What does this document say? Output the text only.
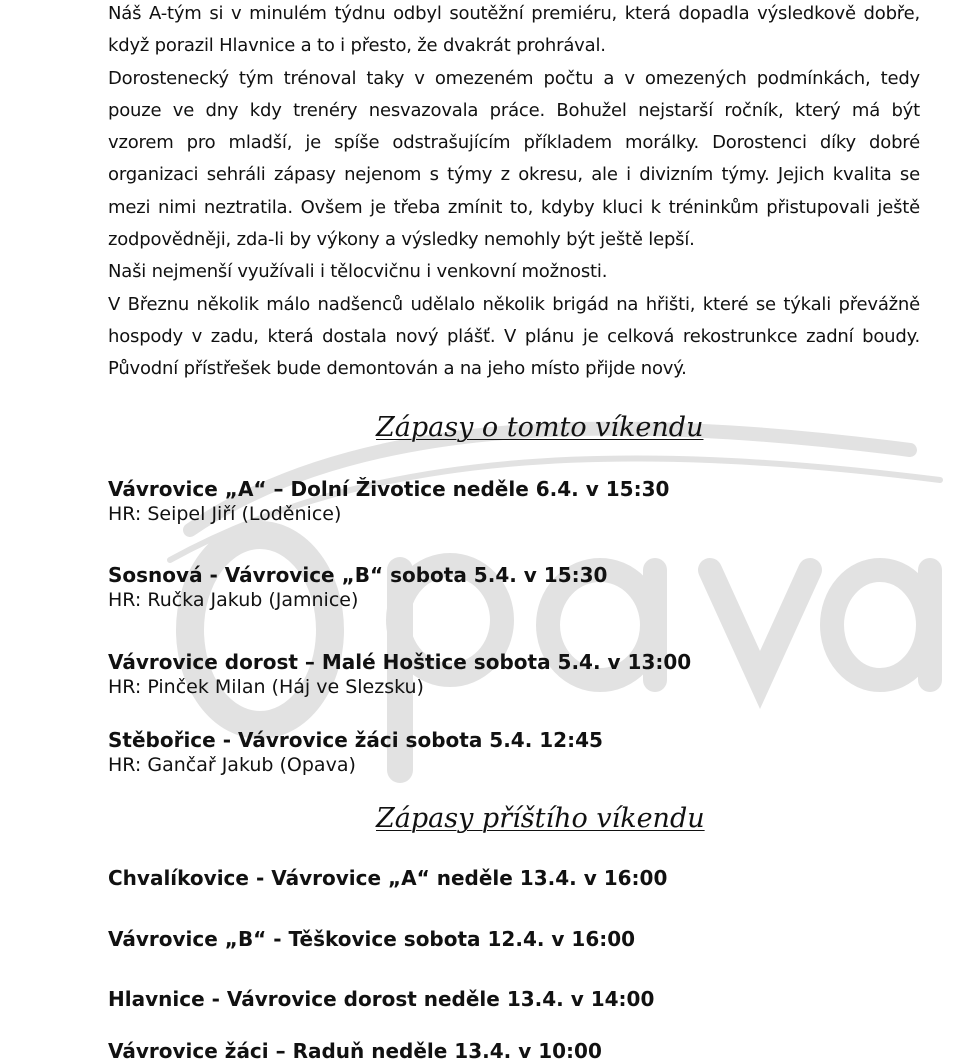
Náš A-tým si v minulém týdnu odbyl soutěžní premiéru, která dopadla výsledkově dobře, když porazil Hlavnice a to i přesto, že dvakrát prohrával.

Dorostenecký tým trénoval taky v omezeném počtu a v omezených podmínkách, tedy pouze ve dny kdy trenéry nesvazovala práce. Bohužel nejstarší ročník, který má být vzorem pro mladší, je spíše odstrašujícím příkladem morálky. Dorostenci díky dobré organizaci sehráli zápasy nejenom s týmy z okresu, ale i divizním týmy. Jejich kvalita se mezi nimi neztratila. Ovšem je třeba zmínit to, kdyby kluci k tréninkům přistupovali ještě zodpovědněji, zda-li by výkony a výsledky nemohly být ještě lepší.

Naši nejmenší využívali i tělocvičnu i venkovní možnosti.

V Březnu několik málo nadšenců udělalo několik brigád na hřišti, které se týkali převážně hospody v zadu, která dostala nový plášť. V plánu je celková rekostrunkce zadní boudy. Původní přístřešek bude demontován a na jeho místo přijde nový.

Zápasy o tomto víkendu
Vávrovice „A“ – Dolní Životice neděle 6.4. v 15:30
HR: Seipel Jiří (Loděnice)
Sosnová - Vávrovice „B“ sobota 5.4. v 15:30
HR: Ručka Jakub (Jamnice)
Vávrovice dorost – Malé Hoštice sobota 5.4. v 13:00
HR: Pinček Milan (Háj ve Slezsku)
Stěbořice - Vávrovice žáci sobota 5.4. 12:45
HR: Gančař Jakub (Opava)
Zápasy příštího víkendu
Chvalíkovice - Vávrovice „A“ neděle 13.4. v 16:00
Vávrovice „B“ - Těškovice sobota 12.4. v 16:00
Hlavnice - Vávrovice dorost neděle 13.4. v 14:00
Vávrovice žáci – Raduň neděle 13.4. v 10:00
